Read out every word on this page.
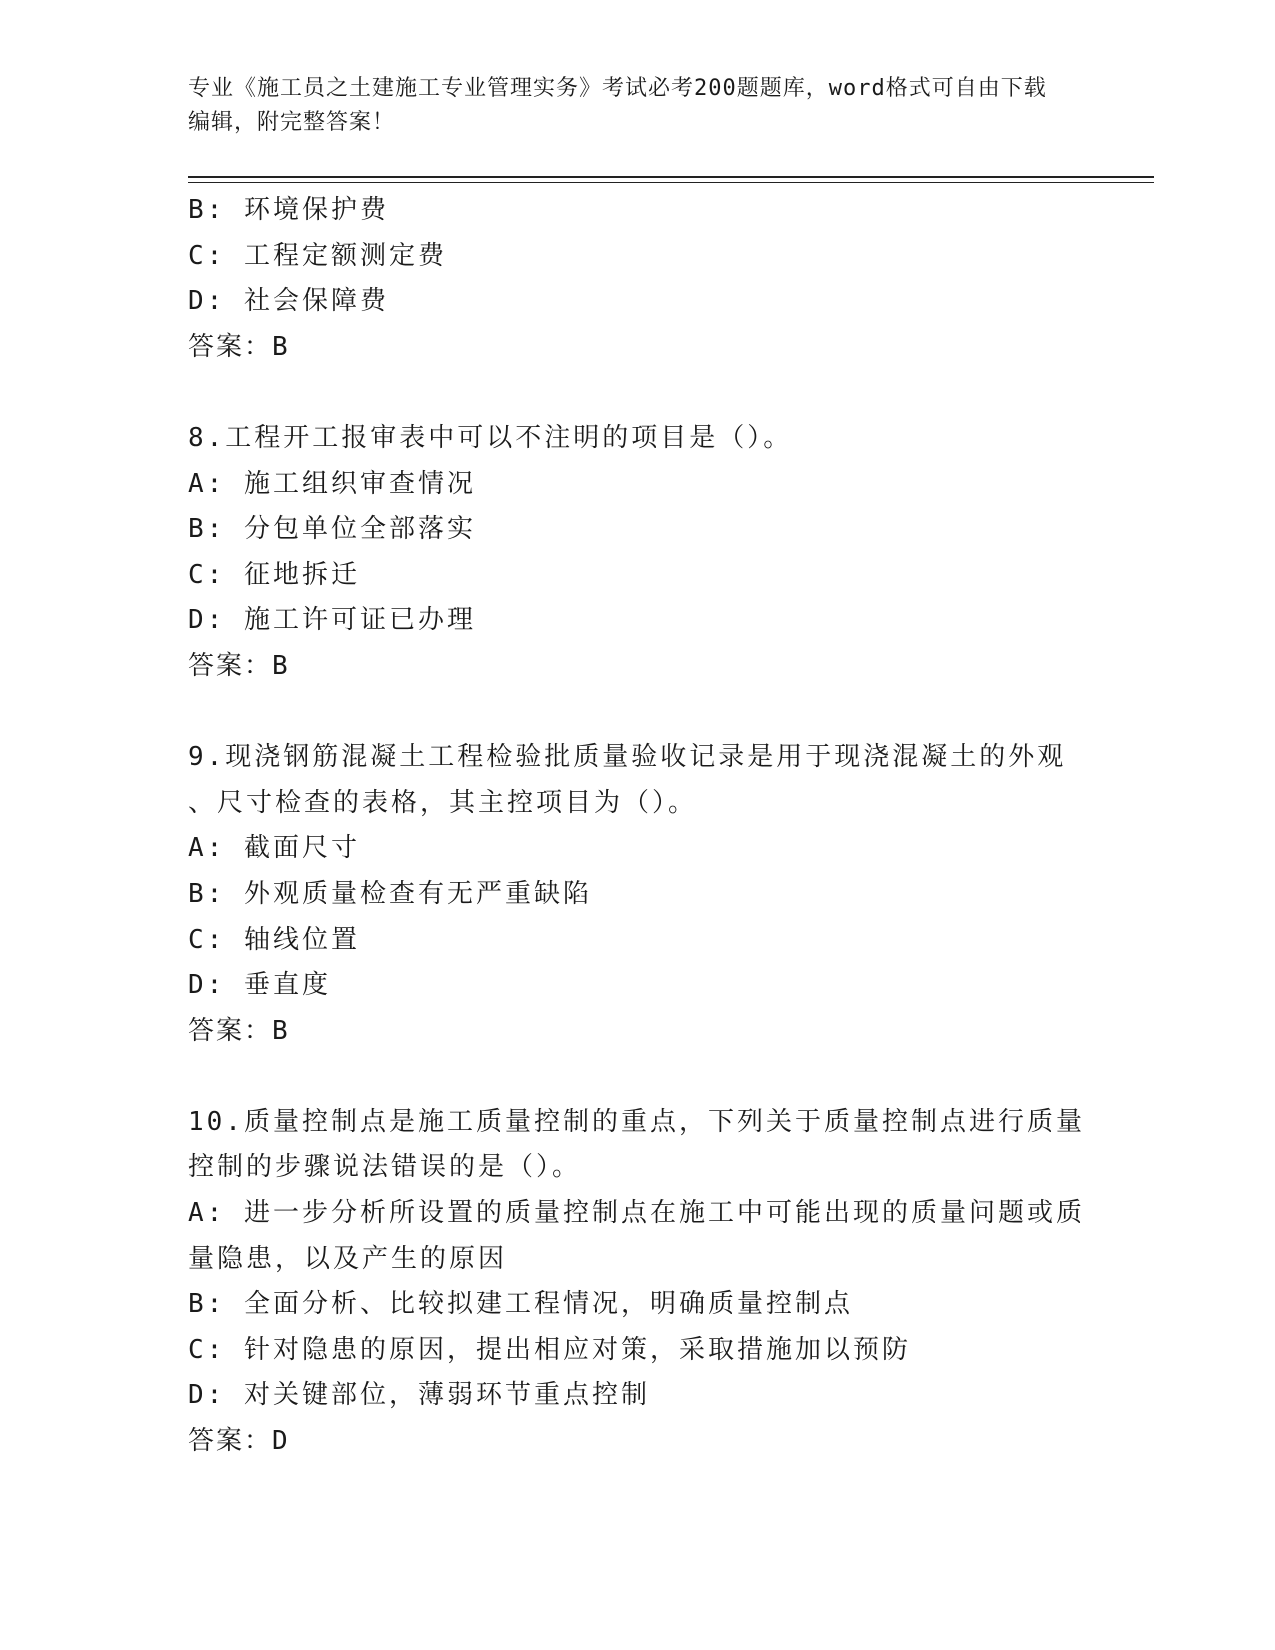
专业《施工员之土建施工专业管理实务》考试必考200题题库，word格式可自由下载编辑，附完整答案！

B: 环境保护费

C: 工程定额测定费

D: 社会保障费

答案：B

8.工程开工报审表中可以不注明的项目是（）。

A: 施工组织审查情况

B: 分包单位全部落实

C: 征地拆迁

D: 施工许可证已办理

答案：B

9.现浇钢筋混凝土工程检验批质量验收记录是用于现浇混凝土的外观

、尺寸检查的表格，其主控项目为（）。

A: 截面尺寸

B: 外观质量检查有无严重缺陷

C: 轴线位置

D: 垂直度

答案：B

10.质量控制点是施工质量控制的重点，下列关于质量控制点进行质量

控制的步骤说法错误的是（）。

A: 进一步分析所设置的质量控制点在施工中可能出现的质量问题或质

量隐患，以及产生的原因

B: 全面分析、比较拟建工程情况，明确质量控制点

C: 针对隐患的原因，提出相应对策，采取措施加以预防

D: 对关键部位，薄弱环节重点控制

答案：D
